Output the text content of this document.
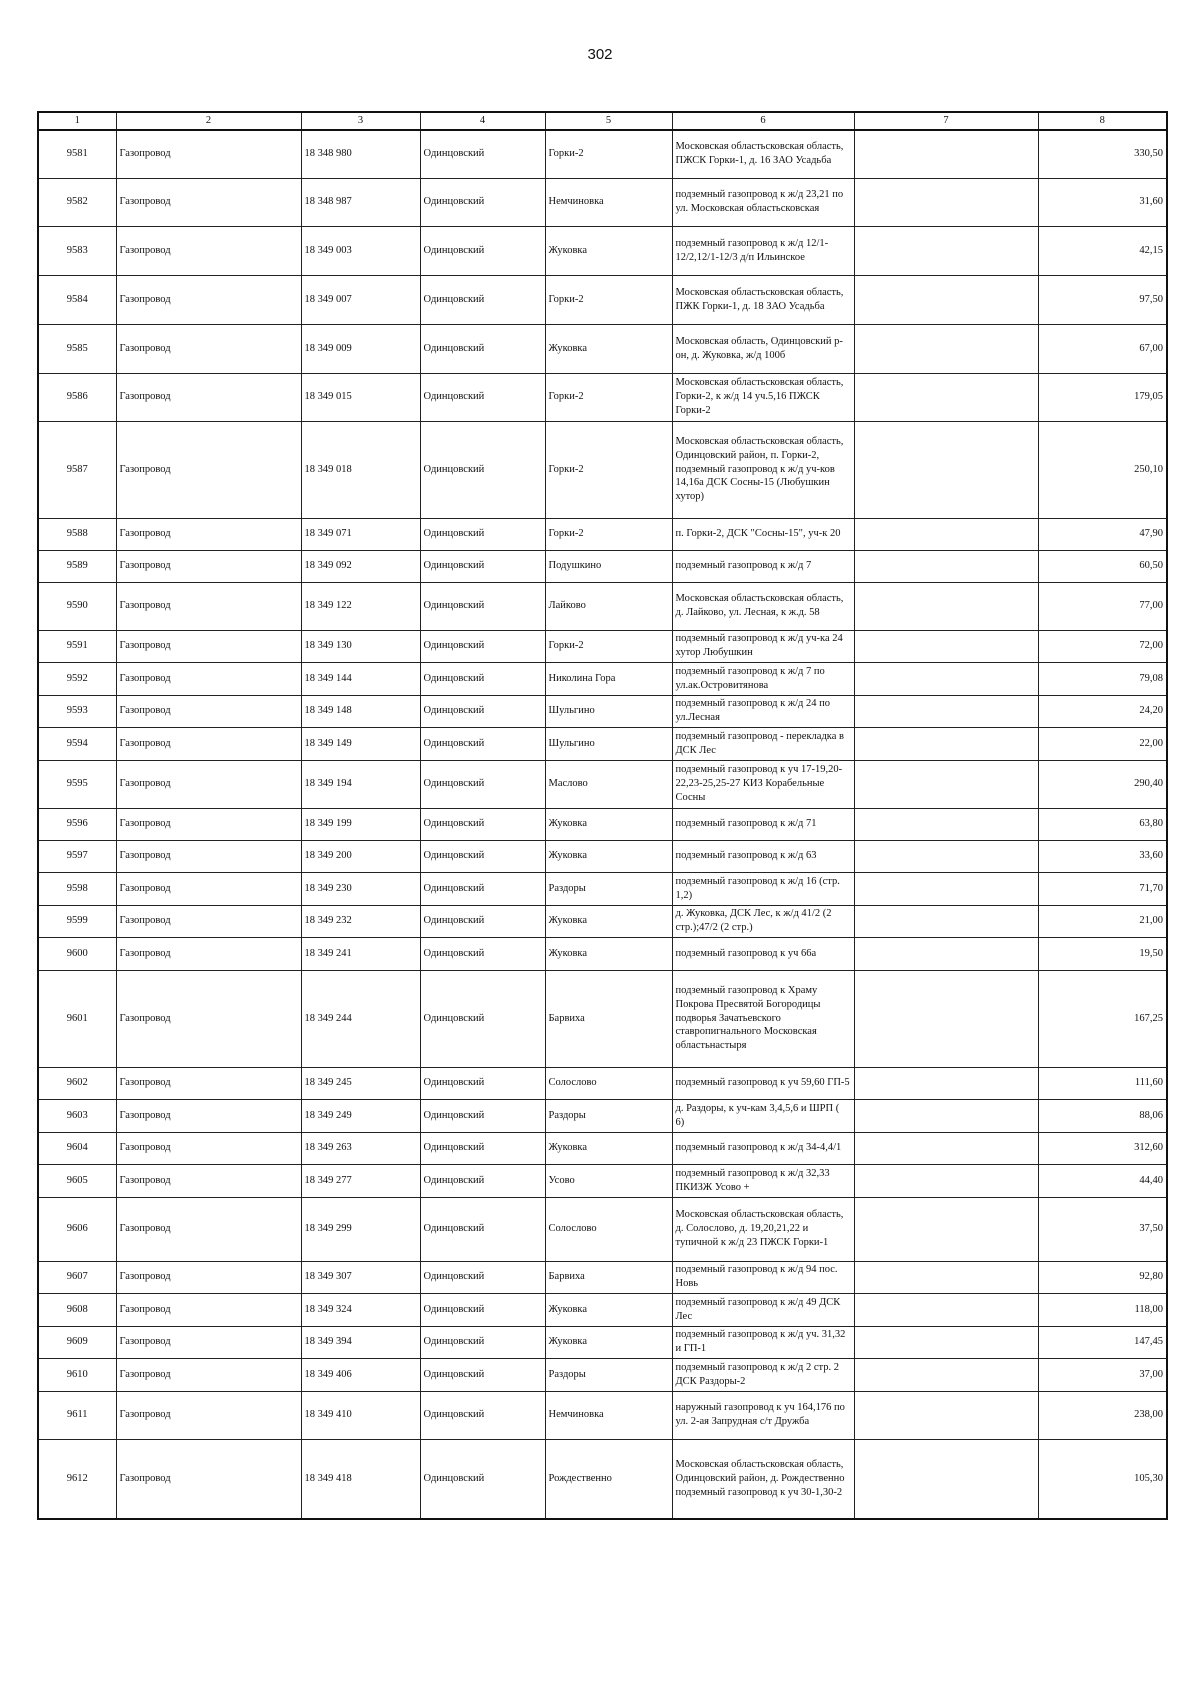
302
1	2	3	4	5	6	7	8
9581	Газопровод	18 348 980	Одинцовский	Горки-2	Московская областьсковская область, ПЖСК Горки-1, д. 16 ЗАО Усадьба		330,50
9582	Газопровод	18 348 987	Одинцовский	Немчиновка	подземный газопровод к ж/д 23,21 по ул. Московская областьсковская		31,60
9583	Газопровод	18 349 003	Одинцовский	Жуковка	подземный газопровод к ж/д 12/1-12/2,12/1-12/3 д/п Ильинское		42,15
9584	Газопровод	18 349 007	Одинцовский	Горки-2	Московская областьсковская область, ПЖК Горки-1, д. 18 ЗАО Усадьба		97,50
9585	Газопровод	18 349 009	Одинцовский	Жуковка	Московская область, Одинцовский р-он, д. Жуковка, ж/д 100б		67,00
9586	Газопровод	18 349 015	Одинцовский	Горки-2	Московская областьсковская область, Горки-2, к ж/д 14 уч.5,16 ПЖСК Горки-2		179,05
9587	Газопровод	18 349 018	Одинцовский	Горки-2	Московская областьсковская область, Одинцовский район, п. Горки-2, подземный газопровод к ж/д уч-ков 14,16а ДСК Сосны-15 (Любушкин хутор)		250,10
9588	Газопровод	18 349 071	Одинцовский	Горки-2	п. Горки-2, ДСК "Сосны-15", уч-к 20		47,90
9589	Газопровод	18 349 092	Одинцовский	Подушкино	подземный газопровод к ж/д 7		60,50
9590	Газопровод	18 349 122	Одинцовский	Лайково	Московская областьсковская область, д. Лайково, ул. Лесная, к ж.д. 58		77,00
9591	Газопровод	18 349 130	Одинцовский	Горки-2	подземный газопровод к ж/д уч-ка 24 хутор Любушкин		72,00
9592	Газопровод	18 349 144	Одинцовский	Николина Гора	подземный газопровод к ж/д 7 по ул.ак.Островитянова		79,08
9593	Газопровод	18 349 148	Одинцовский	Шульгино	подземный газопровод к ж/д 24 по ул.Лесная		24,20
9594	Газопровод	18 349 149	Одинцовский	Шульгино	подземный газопровод - перекладка в ДСК Лес		22,00
9595	Газопровод	18 349 194	Одинцовский	Маслово	подземный газопровод к уч 17-19,20-22,23-25,25-27 КИЗ Корабельные Сосны		290,40
9596	Газопровод	18 349 199	Одинцовский	Жуковка	подземный газопровод к ж/д 71		63,80
9597	Газопровод	18 349 200	Одинцовский	Жуковка	подземный газопровод к ж/д 63		33,60
9598	Газопровод	18 349 230	Одинцовский	Раздоры	подземный газопровод к ж/д 16 (стр. 1,2)		71,70
9599	Газопровод	18 349 232	Одинцовский	Жуковка	д. Жуковка, ДСК Лес, к ж/д 41/2 (2 стр.);47/2 (2 стр.)		21,00
9600	Газопровод	18 349 241	Одинцовский	Жуковка	подземный газопровод к уч 66а		19,50
9601	Газопровод	18 349 244	Одинцовский	Барвиха	подземный газопровод к Храму Покрова Пресвятой Богородицы подворья Зачатьевского ставропигнального Московская областьнастыря		167,25
9602	Газопровод	18 349 245	Одинцовский	Солослово	подземный газопровод к уч 59,60 ГП-5		111,60
9603	Газопровод	18 349 249	Одинцовский	Раздоры	д. Раздоры, к уч-кам 3,4,5,6 и ШРП ( 6)		88,06
9604	Газопровод	18 349 263	Одинцовский	Жуковка	подземный газопровод к ж/д 34-4,4/1		312,60
9605	Газопровод	18 349 277	Одинцовский	Усово	подземный газопровод к ж/д 32,33 ПКИЗЖ Усово +		44,40
9606	Газопровод	18 349 299	Одинцовский	Солослово	Московская областьсковская область, д. Солослово, д. 19,20,21,22 и тупичной к ж/д 23 ПЖСК Горки-1		37,50
9607	Газопровод	18 349 307	Одинцовский	Барвиха	подземный газопровод к ж/д 94 пос. Новь		92,80
9608	Газопровод	18 349 324	Одинцовский	Жуковка	подземный газопровод к ж/д 49 ДСК Лес		118,00
9609	Газопровод	18 349 394	Одинцовский	Жуковка	подземный газопровод к ж/д уч. 31,32 и ГП-1		147,45
9610	Газопровод	18 349 406	Одинцовский	Раздоры	подземный газопровод к ж/д 2 стр. 2 ДСК Раздоры-2		37,00
9611	Газопровод	18 349 410	Одинцовский	Немчиновка	наружный газопровод к уч 164,176 по ул. 2-ая Запрудная с/т Дружба		238,00
9612	Газопровод	18 349 418	Одинцовский	Рождественно	Московская областьсковская область, Одинцовский район, д. Рождественно подземный газопровод к уч 30-1,30-2		105,30
